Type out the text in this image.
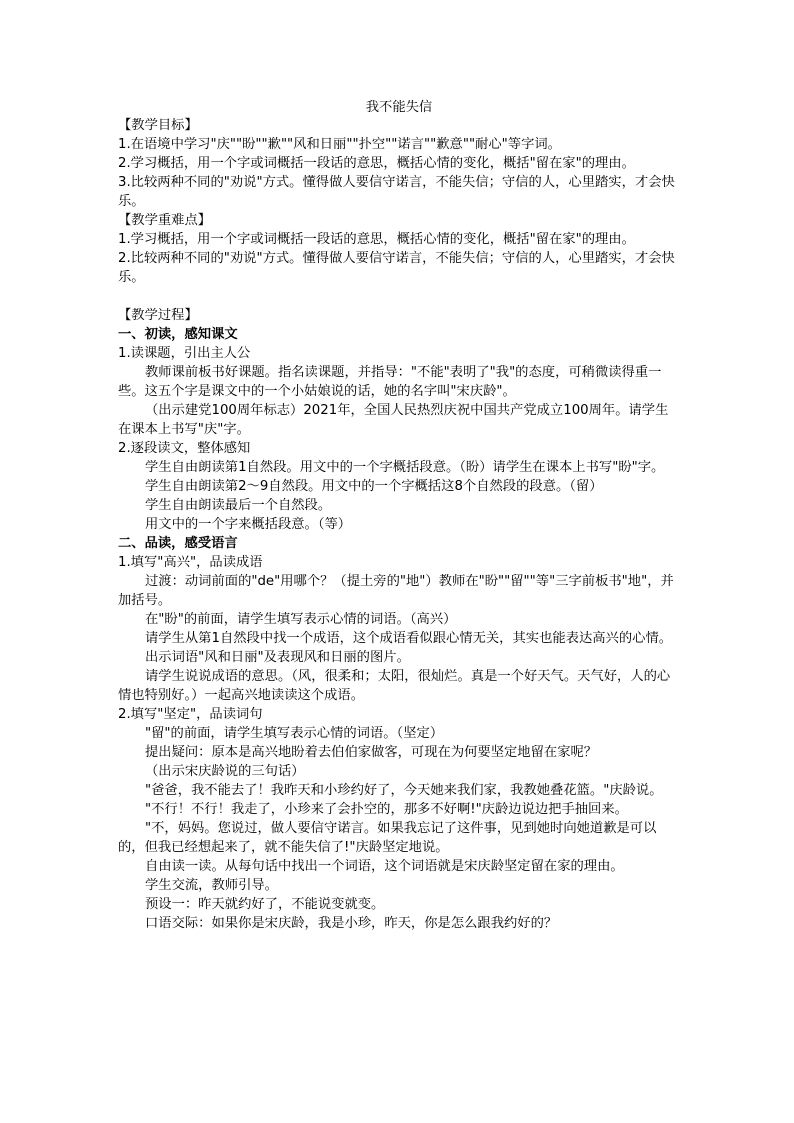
我不能失信

【教学目标】

1.在语境中学习"庆""盼""歉""风和日丽""扑空""诺言""歉意""耐心"等字词。

2.学习概括，用一个字或词概括一段话的意思，概括心情的变化，概括"留在家"的理由。

3.比较两种不同的"劝说"方式。懂得做人要信守诺言，不能失信；守信的人，心里踏实，才会快乐。

【教学重难点】

1.学习概括，用一个字或词概括一段话的意思，概括心情的变化，概括"留在家"的理由。

2.比较两种不同的"劝说"方式。懂得做人要信守诺言，不能失信；守信的人，心里踏实，才会快乐。

【教学过程】

一、初读，感知课文

1.读课题，引出主人公

教师课前板书好课题。指名读课题，并指导："不能"表明了"我"的态度，可稍微读得重一些。这五个字是课文中的一个小姑娘说的话，她的名字叫"宋庆龄"。

（出示建党100周年标志）2021年，全国人民热烈庆祝中国共产党成立100周年。请学生在课本上书写"庆"字。

2.逐段读文，整体感知

学生自由朗读第1自然段。用文中的一个字概括段意。（盼）请学生在课本上书写"盼"字。

学生自由朗读第2～9自然段。用文中的一个字概括这8个自然段的段意。（留）

学生自由朗读最后一个自然段。

用文中的一个字来概括段意。（等）

二、品读，感受语言

1.填写"高兴"，品读成语

过渡：动词前面的"de"用哪个？（提土旁的"地"）教师在"盼""留""等"三字前板书"地"，并加括号。

在"盼"的前面，请学生填写表示心情的词语。（高兴）

请学生从第1自然段中找一个成语，这个成语看似跟心情无关，其实也能表达高兴的心情。

出示词语"风和日丽"及表现风和日丽的图片。

请学生说说成语的意思。（风，很柔和；太阳，很灿烂。真是一个好天气。天气好，人的心情也特别好。）一起高兴地读读这个成语。

2.填写"坚定"，品读词句

"留"的前面，请学生填写表示心情的词语。（坚定）

提出疑问：原本是高兴地盼着去伯伯家做客，可现在为何要坚定地留在家呢？

（出示宋庆龄说的三句话）

"爸爸，我不能去了！我昨天和小珍约好了，今天她来我们家，我教她叠花篮。"庆龄说。

"不行！不行！我走了，小珍来了会扑空的，那多不好啊!"庆龄边说边把手抽回来。

"不，妈妈。您说过，做人要信守诺言。如果我忘记了这件事，见到她时向她道歉是可以的，但我已经想起来了，就不能失信了!"庆龄坚定地说。

自由读一读。从每句话中找出一个词语，这个词语就是宋庆龄坚定留在家的理由。

学生交流，教师引导。

预设一：昨天就约好了，不能说变就变。

口语交际：如果你是宋庆龄，我是小珍，昨天，你是怎么跟我约好的？
